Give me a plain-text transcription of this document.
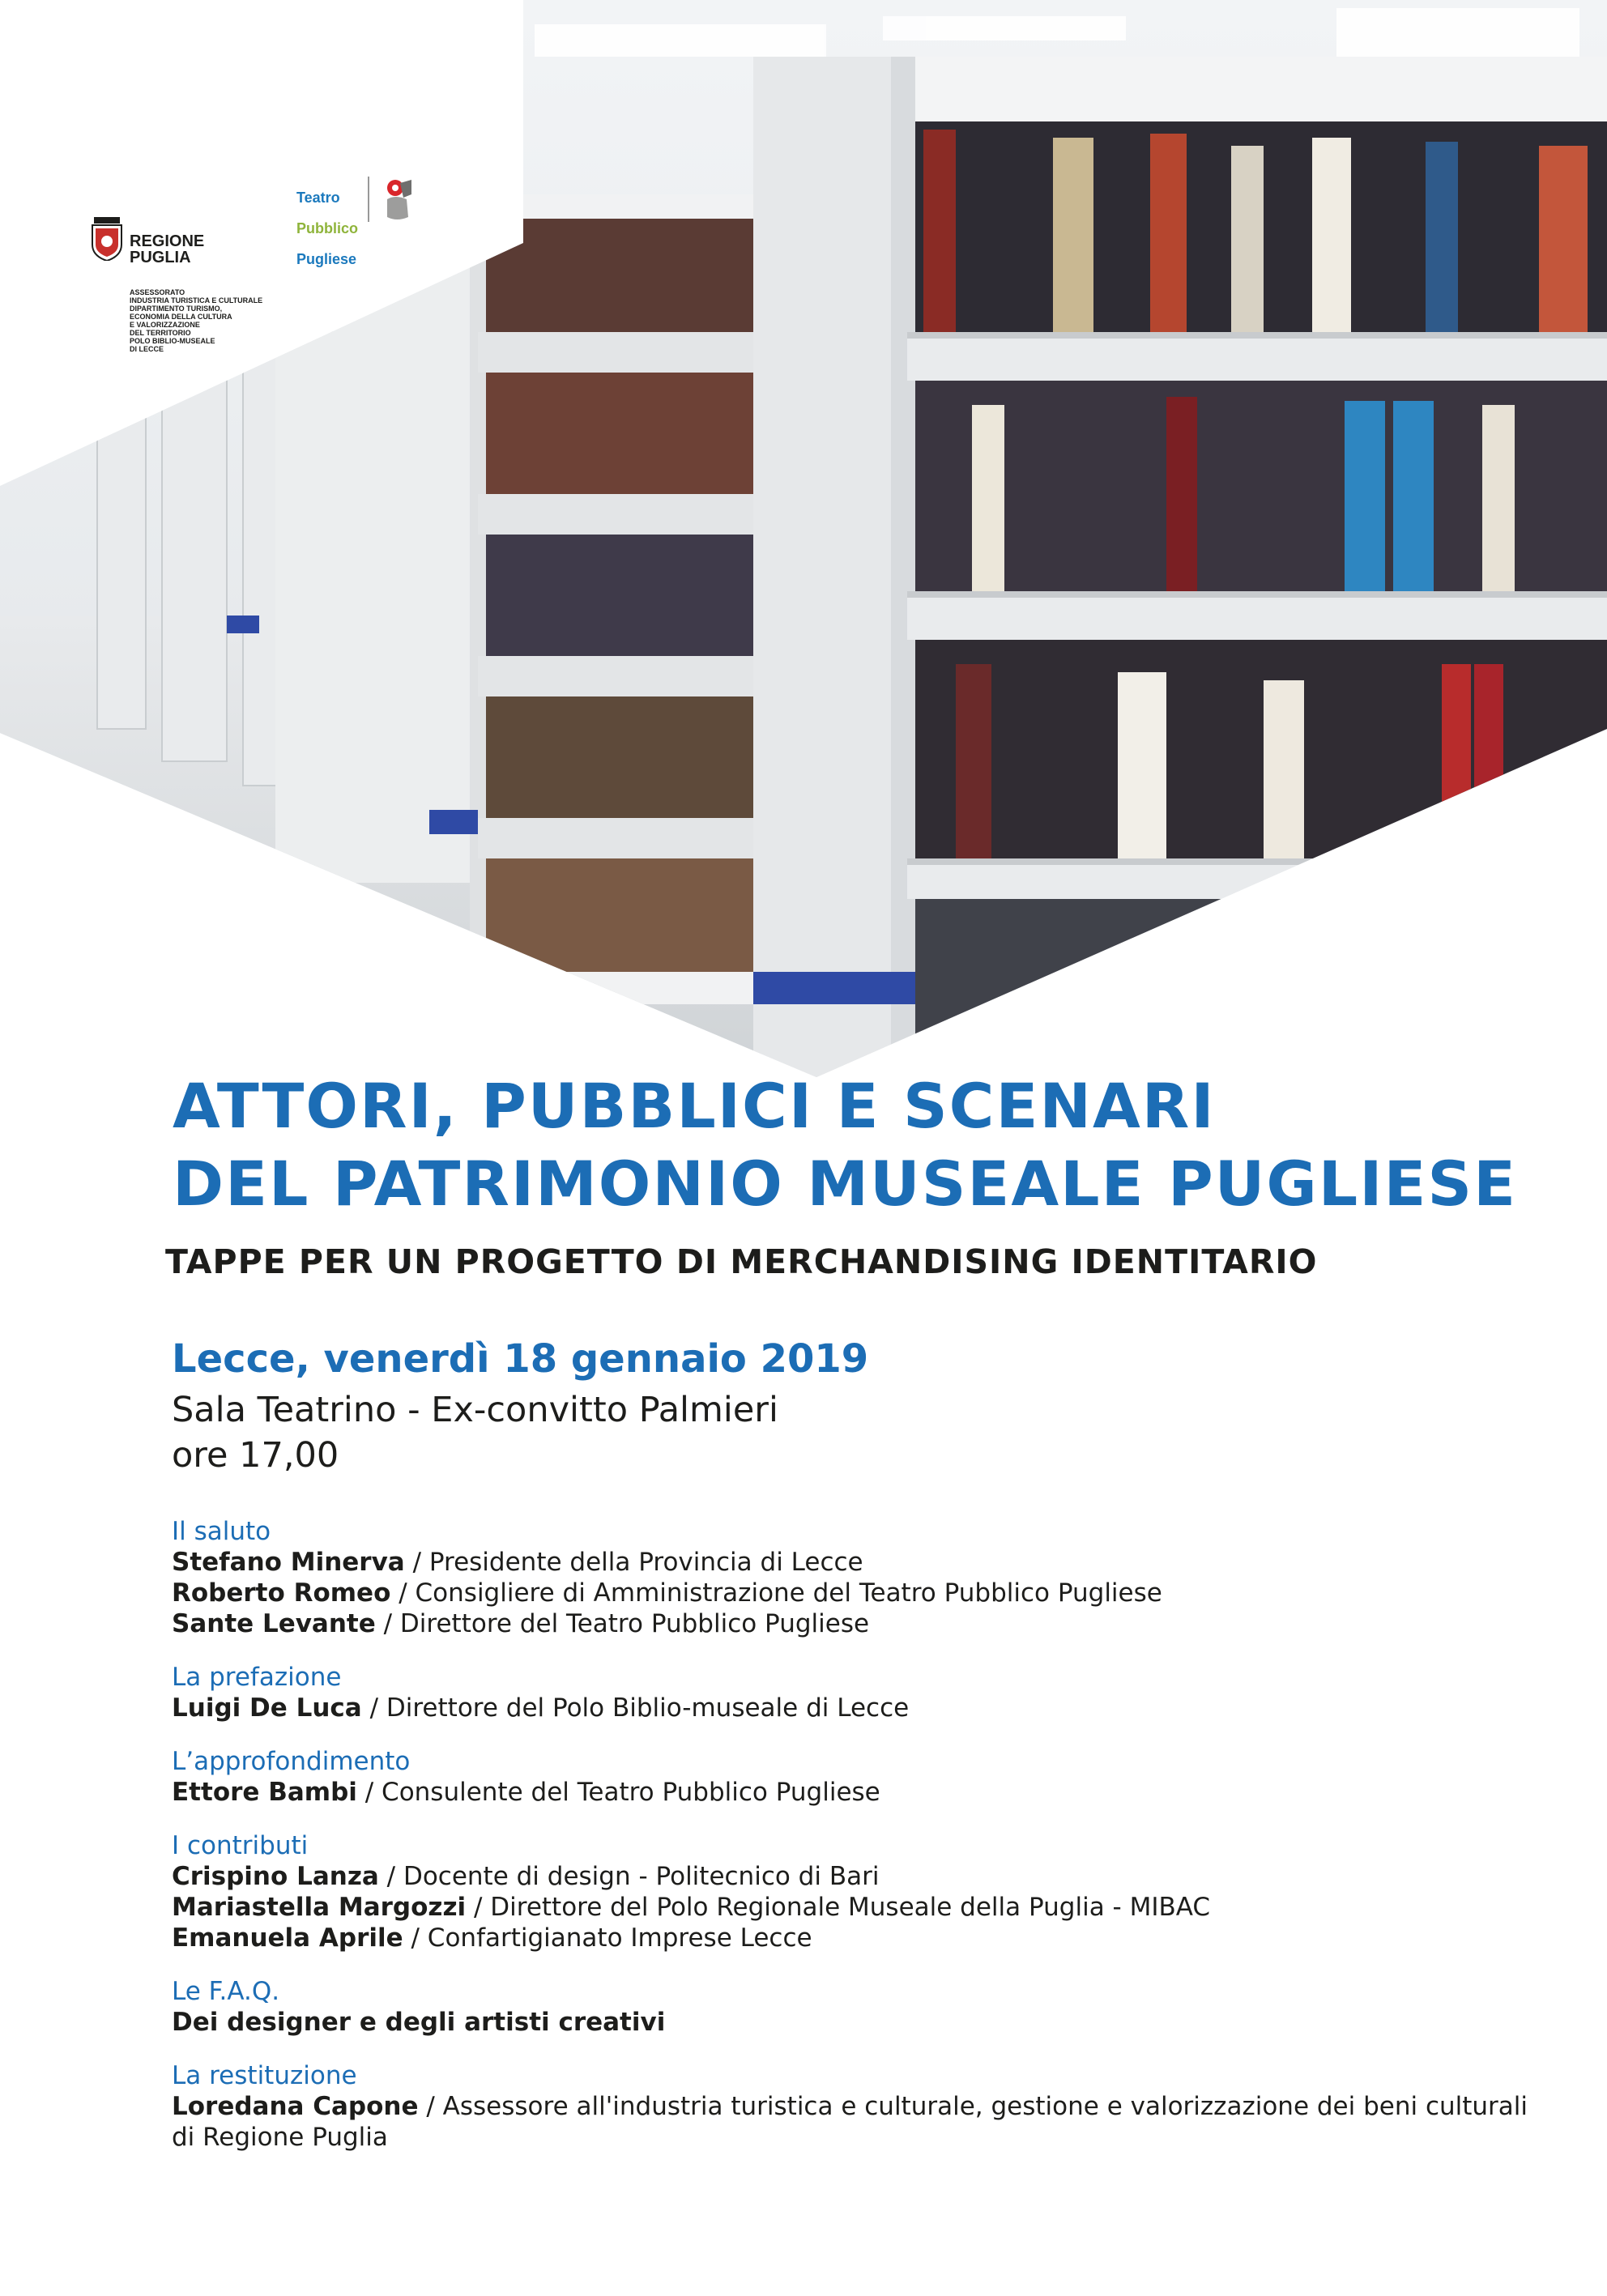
REGIONE
PUGLIA
ASSESSORATO
INDUSTRIA TURISTICA E CULTURALE
DIPARTIMENTO TURISMO,
ECONOMIA DELLA CULTURA
E VALORIZZAZIONE
DEL TERRITORIO
POLO BIBLIO-MUSEALE
DI LECCE

Teatro

Pubblico

Pugliese

ATTORI, PUBBLICI E SCENARI
DEL PATRIMONIO MUSEALE PUGLIESE
TAPPE PER UN PROGETTO DI MERCHANDISING IDENTITARIO
Lecce, venerdì 18 gennaio 2019
Sala Teatrino - Ex-convitto Palmieri
ore 17,00
Il saluto
Stefano Minerva / Presidente della Provincia di Lecce
Roberto Romeo / Consigliere di Amministrazione del Teatro Pubblico Pugliese
Sante Levante / Direttore del Teatro Pubblico Pugliese
La prefazione
Luigi De Luca / Direttore del Polo Biblio-museale di Lecce
L’approfondimento
Ettore Bambi / Consulente del Teatro Pubblico Pugliese
I contributi
Crispino Lanza / Docente di design - Politecnico di Bari
Mariastella Margozzi / Direttore del Polo Regionale Museale della Puglia - MIBAC
Emanuela Aprile / Confartigianato Imprese Lecce
Le F.A.Q.
Dei designer e degli artisti creativi
La restituzione
Loredana Capone / Assessore all'industria turistica e culturale, gestione e valorizzazione dei beni culturali di Regione Puglia
